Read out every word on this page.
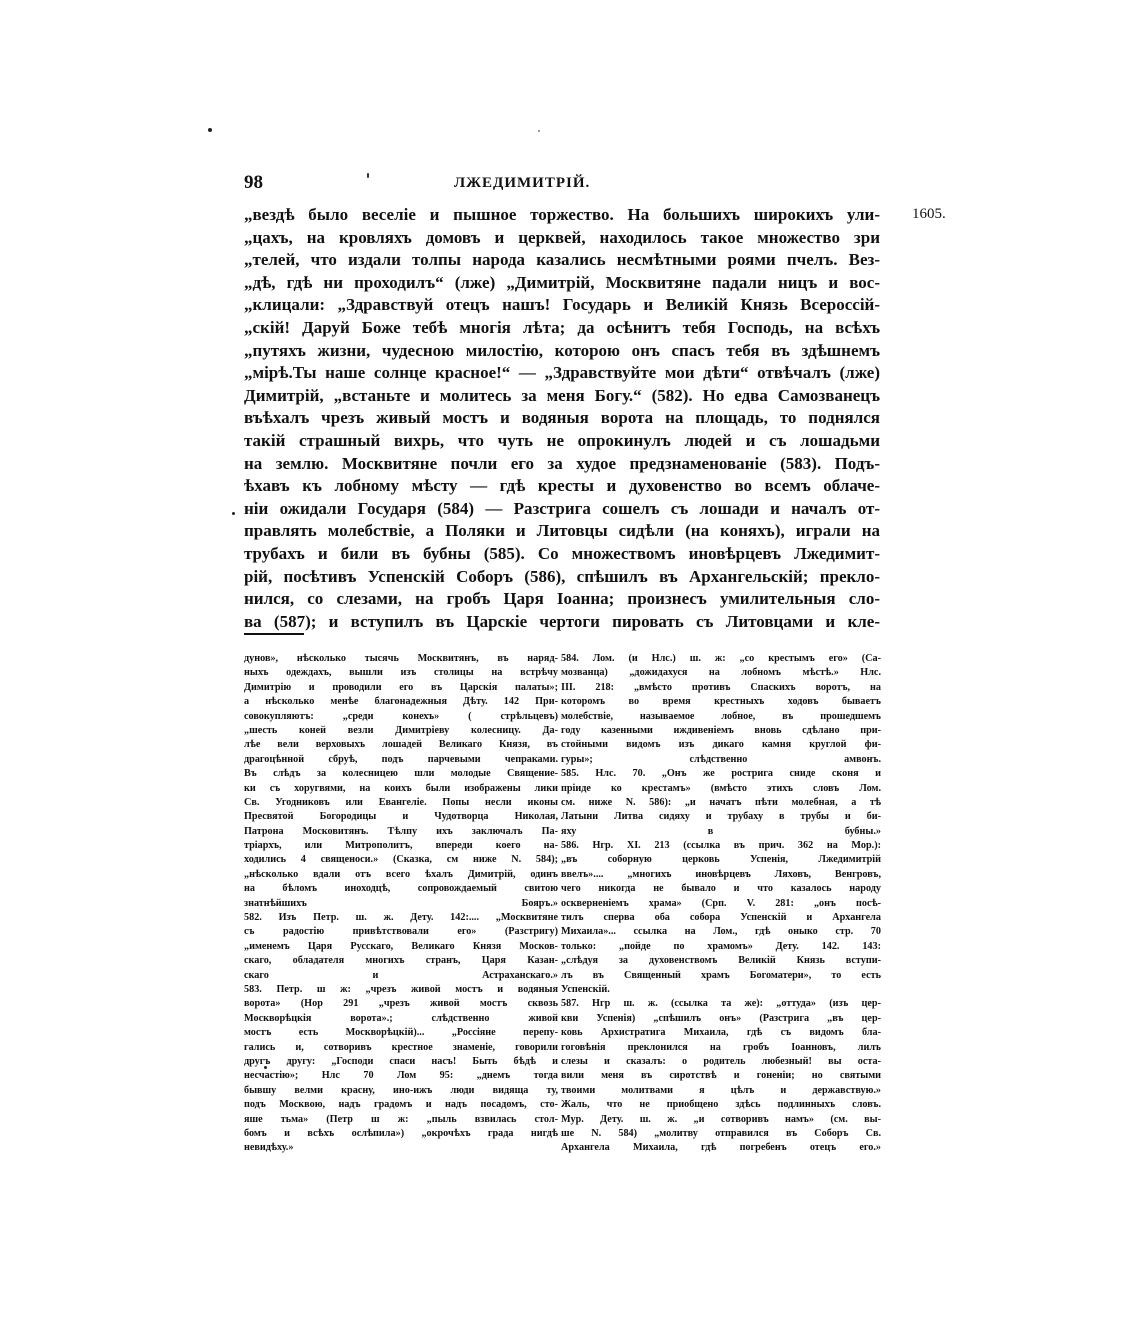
98	ЛЖЕДИМИТРІЙ.
1605.
„вездѣ было веселіе и пышное торжество. На большихъ широкихъ ули-
„цахъ, на кровляхъ домовъ и церквей, находилось такое множество зри
„телей, что издали толпы народа казались несмѣтными роями пчелъ. Вез-
„дѣ, гдѣ ни проходилъ“ (лже) „Димитрій, Москвитяне падали ницъ и вос-
„клицали: „Здравствуй отецъ нашъ! Государь и Великій Князь Всероссій-
„скій! Даруй Боже тебѣ многія лѣта; да осѣнитъ тебя Господь, на всѣхъ
„путяхъ жизни, чудесною милостію, которою онъ спасъ тебя въ здѣшнемъ
„мірѣ.Ты наше солнце красное!“ — „Здравствуйте мои дѣти“ отвѣчалъ (лже)
Димитрій, „встаньте и молитесь за меня Богу.“ (582). Но едва Самозванецъ
въѣхалъ чрезъ живый мостъ и водяныя ворота на площадь, то поднялся
такій страшный вихрь, что чуть не опрокинулъ людей и съ лошадьми
на землю. Москвитяне почли его за худое предзнаменованіе (583). Подъ-
ѣхавъ къ лобному мѣсту — гдѣ кресты и духовенство во всемъ облаче-
ніи ожидали Государя (584) — Разстрига сошелъ съ лошади и началъ от-
правлять молебствіе, а Поляки и Литовцы сидѣли (на коняхъ), играли на
трубахъ и били въ бубны (585). Со множествомъ иновѣрцевъ Лжедимит-
рій, посѣтивъ Успенскій Соборъ (586), спѣшилъ въ Архангельскій; прекло-
нился, со слезами, на гробъ Царя Іоанна; произнесъ умилительныя сло-
ва (587); и вступилъ въ Царскіе чертоги пировать съ Литовцами и кле-
дунов», нѣсколько тысячь Москвитянъ, въ наряд-
ныхъ одеждахъ, вышли изъ столицы на встрѣчу
Димитрію и проводили его въ Царскія палаты»;
а нѣсколько менѣе благонадежныя Дѣту. 142 При-
совокупляютъ: „среди конехъ» ( стрѣльцевъ)
„шесть коней везли Димитріеву колесницу. Да-
лѣе вели верховыхъ лошадей Великаго Князя, въ
драгоцѣнной сбруѣ, подъ парчевыми чепраками.
Въ слѣдъ за колесницею шли молодые Священие-
ки съ хоругвями, на коихъ были изображены лики
Св. Угодниковъ или Евангеліе. Попы несли иконы
Пресвятой Богородицы и Чудотворца Николая,
Патрона Московитянъ. Тѣлпу ихъ заключалъ Па-
тріархъ, или Митрополитъ, впереди коего на-
ходились 4 священоси.» (Сказка, см ниже N. 584);
„нѣсколько вдали отъ всего ѣхалъ Димитрій, одинъ
на бѣломъ иноходцѣ, сопровождаемый свитою
знатнѣйшихъ Бояръ.»
582. Изъ Петр. ш. ж. Дету. 142:.... „Москвитяне
съ радостію привѣтствовали его» (Разстригу)
„именемъ Царя Русскаго, Великаго Князя Москов-
скаго, обладателя многихъ странъ, Царя Казан-
скаго и Астраханскаго.»
583. Петр. ш ж: „чрезъ живой мостъ и водяныя
ворота» (Нор 291 „чрезъ живой мостъ сквозь
Москворѣцкія ворота».; слѣдственно живой
мостъ есть Москворѣцкій)... „Россіяне перепу-
гались и, сотворивъ крестное знаменіе, говорили
другъ другу: „Господи спаси насъ! Быть бѣдѣ и
несчастію»; Нлс 70 Лом 95: „днемъ тогда
бывшу велми красну, ино-ижъ люди видяща ту,
подъ Москвою, надъ градомъ и надъ посадомъ, сто-
яше тьма» (Петр ш ж: „пыль взвилась стол-
бомъ и всѣхъ ослѣпила») „окрочѣхъ града нигдѣ
невидѣху.»
584. Лом. (и Нлс.) ш. ж: „со крестымъ его» (Са-
мозванца) „дожидахуся на лобномъ мѣстѣ.» Нлс.
III. 218: „вмѣсто противъ Спаскихъ воротъ, на
которомъ во время крестныхъ ходовъ бываетъ
молебствіе, называемое лобное, въ прошедшемъ
году казенными иждивеніемъ вновь сдѣлано при-
стойными видомъ изъ дикаго камня круглой фи-
гуры»; слѣдственно амвонъ.
585. Нлс. 70. „Онъ же рострига сниде сконя и
прiиде ко крестамъ» (вмѣсто этихъ словъ Лом.
см. ниже N. 586): „и начатъ пѣти молебная, а тѣ
Латыни Литва сидяху и трубаху в трубы и би-
яху в бубны.»
586. Нгр. XI. 213 (ссылка въ прич. 362 на Мор.):
„въ соборную церковь Успенія, Лжедимитрій
ввелъ».... „многихъ иновѣрцевъ Ляховъ, Венгровъ,
чего никогда не бывало и что казалось народу
оскверненіемъ храма» (Срп. V. 281: „онъ посѣ-
тилъ сперва оба собора Успенскій и Архангела
Михаила»... ссылка на Лом., гдѣ оныко стр. 70
только: „пойде по храмомъ» Дету. 142. 143:
„слѣдуя за духовенствомъ Великій Князь вступи-
лъ въ Священный храмъ Богоматери», то есть
Успенскій.
587. Нгр ш. ж. (ссылка та же): „оттуда» (изъ цер-
кви Успенія) „спѣшилъ онъ» (Разстрига „въ цер-
ковь Архистратига Михаила, гдѣ съ видомъ бла-
гоговѣнія преклонился на гробъ Іоанновъ, лилъ
слезы и сказалъ: о родитель любезный! вы оста-
вили меня въ сиротствѣ и гоненіи; но святыми
твоими молитвами я цѣлъ и державствую.»
Жаль, что не приобщено здѣсь подлинныхъ словъ.
Мур. Дету. ш. ж. „и сотворивъ намъ» (см. вы-
ше N. 584) „молитву отправился въ Соборъ Св.
Архангела Михаила, гдѣ погребенъ отецъ его.»
